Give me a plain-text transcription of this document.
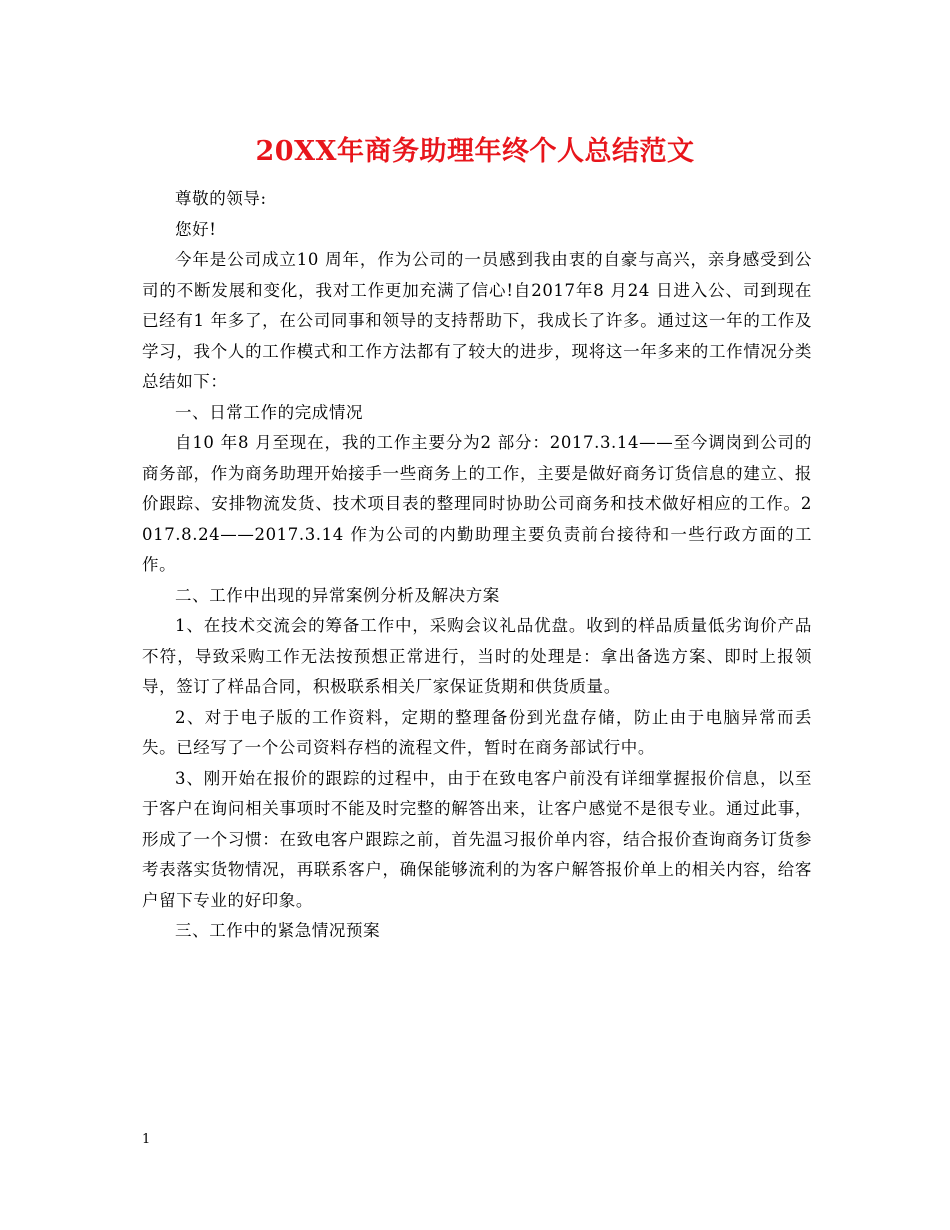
20XX年商务助理年终个人总结范文

尊敬的领导:

您好!

今年是公司成立10 周年，作为公司的一员感到我由衷的自豪与高兴，亲身感受到公司的不断发展和变化，我对工作更加充满了信心!自2017年8 月24 日进入公、司到现在已经有1 年多了，在公司同事和领导的支持帮助下，我成长了许多。通过这一年的工作及学习，我个人的工作模式和工作方法都有了较大的进步，现将这一年多来的工作情况分类总结如下：

一、日常工作的完成情况

自10 年8 月至现在，我的工作主要分为2 部分：2017.3.14——至今调岗到公司的商务部，作为商务助理开始接手一些商务上的工作，主要是做好商务订货信息的建立、报价跟踪、安排物流发货、技术项目表的整理同时协助公司商务和技术做好相应的工作。2017.8.24——2017.3.14 作为公司的内勤助理主要负责前台接待和一些行政方面的工作。

二、工作中出现的异常案例分析及解决方案

1、在技术交流会的筹备工作中，采购会议礼品优盘。收到的样品质量低劣询价产品不符，导致采购工作无法按预想正常进行，当时的处理是：拿出备选方案、即时上报领导，签订了样品合同，积极联系相关厂家保证货期和供货质量。

2、对于电子版的工作资料，定期的整理备份到光盘存储，防止由于电脑异常而丢失。已经写了一个公司资料存档的流程文件，暂时在商务部试行中。

3、刚开始在报价的跟踪的过程中，由于在致电客户前没有详细掌握报价信息，以至于客户在询问相关事项时不能及时完整的解答出来，让客户感觉不是很专业。通过此事，形成了一个习惯：在致电客户跟踪之前，首先温习报价单内容，结合报价查询商务订货参考表落实货物情况，再联系客户，确保能够流利的为客户解答报价单上的相关内容，给客户留下专业的好印象。

三、工作中的紧急情况预案

1
